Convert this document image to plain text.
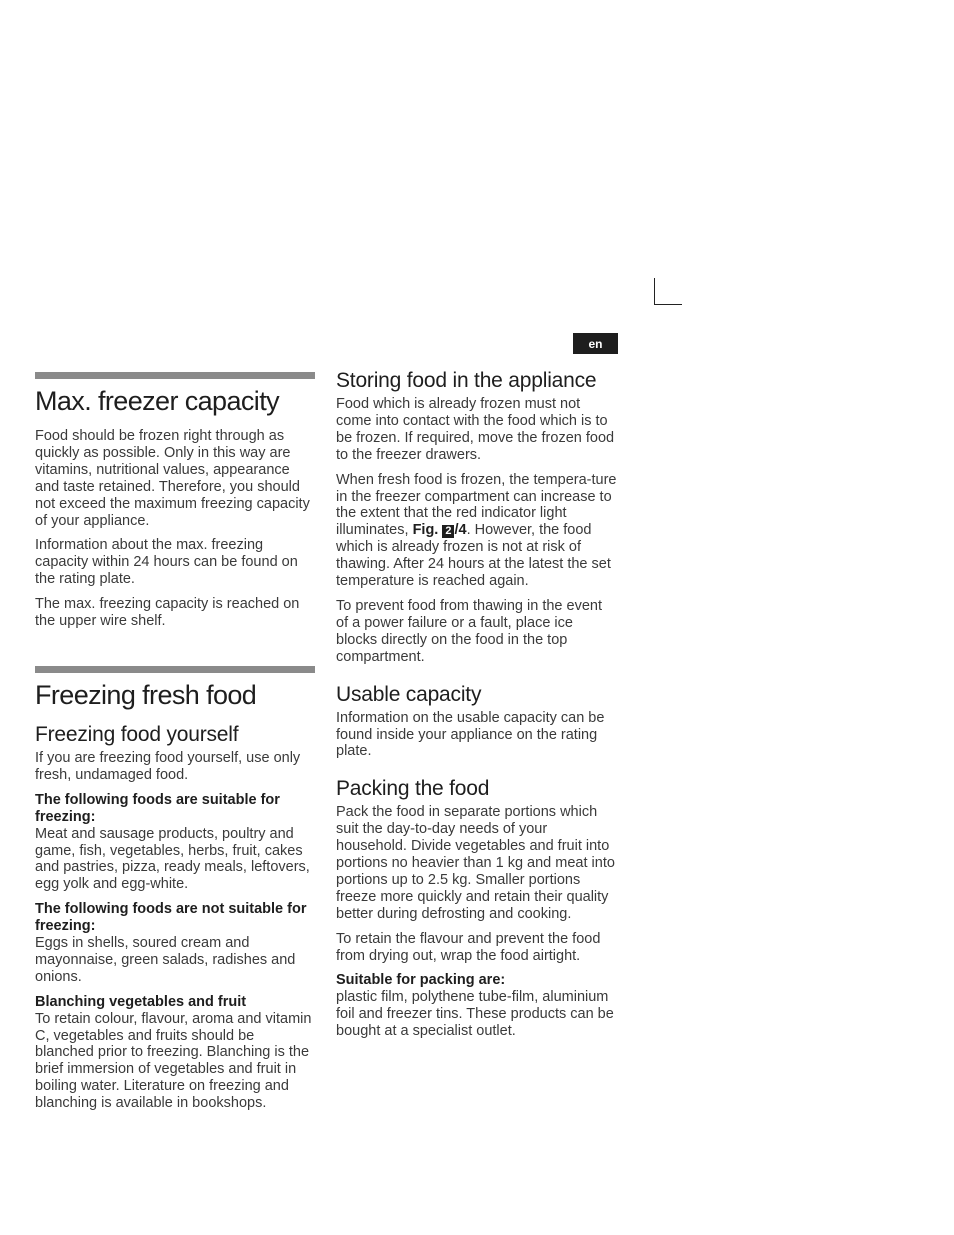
en
Max. freezer capacity

Food should be frozen right through as quickly as possible. Only in this way are vitamins, nutritional values, appearance and taste retained. Therefore, you should not exceed the maximum freezing capacity of your appliance.

Information about the max. freezing capacity within 24 hours can be found on the rating plate.

The max. freezing capacity is reached on the upper wire shelf.

Freezing fresh food
Freezing food yourself

If you are freezing food yourself, use only fresh, undamaged food.

The following foods are suitable for freezing:

Meat and sausage products, poultry and game, fish, vegetables, herbs, fruit, cakes and pastries, pizza, ready meals, leftovers, egg yolk and egg-white.

The following foods are not suitable for freezing:

Eggs in shells, soured cream and mayonnaise, green salads, radishes and onions.

Blanching vegetables and fruit

To retain colour, flavour, aroma and vitamin C, vegetables and fruits should be blanched prior to freezing. Blanching is the brief immersion of vegetables and fruit in boiling water. Literature on freezing and blanching is available in bookshops.

Storing food in the appliance

Food which is already frozen must not come into contact with the food which is to be frozen. If required, move the frozen food to the freezer drawers.

When fresh food is frozen, the tempera-ture in the freezer compartment can increase to the extent that the red indicator light illuminates, Fig. 2 /4. However, the food which is already frozen is not at risk of thawing. After 24 hours at the latest the set temperature is reached again.

To prevent food from thawing in the event of a power failure or a fault, place ice blocks directly on the food in the top compartment.

Usable capacity

Information on the usable capacity can be found inside your appliance on the rating plate.

Packing the food

Pack the food in separate portions which suit the day-to-day needs of your household. Divide vegetables and fruit into portions no heavier than 1 kg and meat into portions up to 2.5 kg. Smaller portions freeze more quickly and retain their quality better during defrosting and cooking.

To retain the flavour and prevent the food from drying out, wrap the food airtight.

Suitable for packing are:

plastic film, polythene tube-film, aluminium foil and freezer tins. These products can be bought at a specialist outlet.
